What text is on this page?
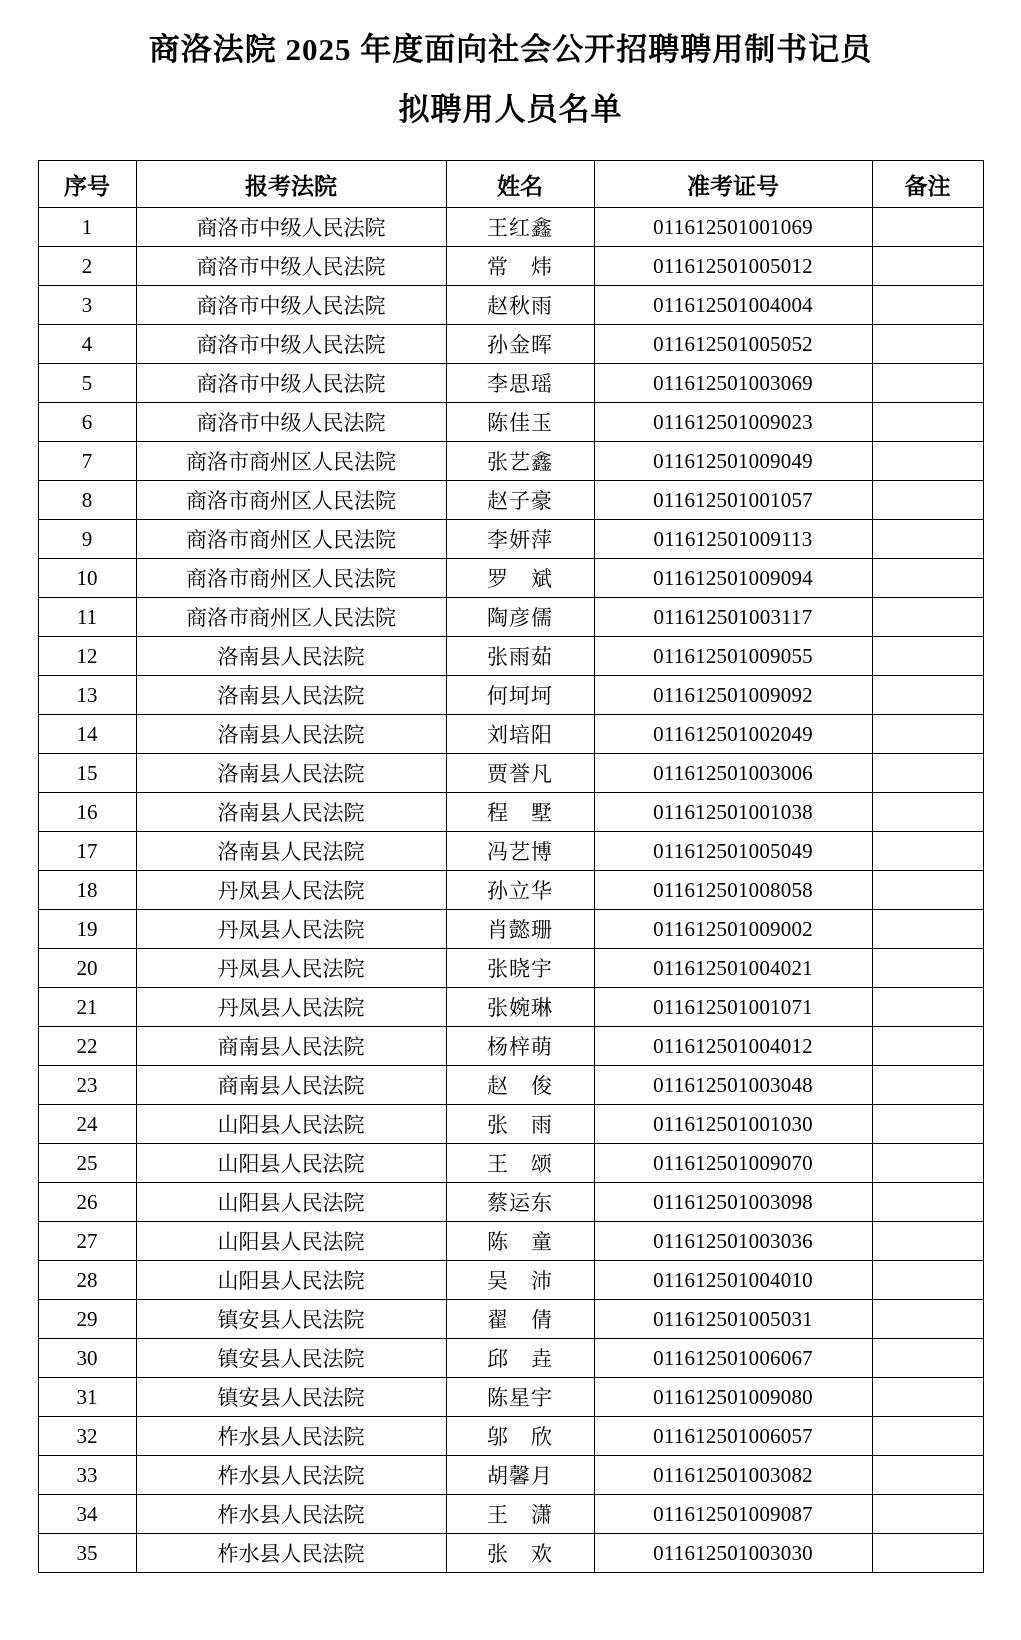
商洛法院 2025 年度面向社会公开招聘聘用制书记员
拟聘用人员名单
序号	报考法院	姓名	准考证号	备注
1	商洛市中级人民法院	王红鑫	011612501001069	
2	商洛市中级人民法院	常　炜	011612501005012	
3	商洛市中级人民法院	赵秋雨	011612501004004	
4	商洛市中级人民法院	孙金晖	011612501005052	
5	商洛市中级人民法院	李思瑶	011612501003069	
6	商洛市中级人民法院	陈佳玉	011612501009023	
7	商洛市商州区人民法院	张艺鑫	011612501009049	
8	商洛市商州区人民法院	赵子豪	011612501001057	
9	商洛市商州区人民法院	李妍萍	011612501009113	
10	商洛市商州区人民法院	罗　斌	011612501009094	
11	商洛市商州区人民法院	陶彦儒	011612501003117	
12	洛南县人民法院	张雨茹	011612501009055	
13	洛南县人民法院	何坷坷	011612501009092	
14	洛南县人民法院	刘培阳	011612501002049	
15	洛南县人民法院	贾誉凡	011612501003006	
16	洛南县人民法院	程　墅	011612501001038	
17	洛南县人民法院	冯艺博	011612501005049	
18	丹凤县人民法院	孙立华	011612501008058	
19	丹凤县人民法院	肖懿珊	011612501009002	
20	丹凤县人民法院	张晓宇	011612501004021	
21	丹凤县人民法院	张婉琳	011612501001071	
22	商南县人民法院	杨梓萌	011612501004012	
23	商南县人民法院	赵　俊	011612501003048	
24	山阳县人民法院	张　雨	011612501001030	
25	山阳县人民法院	王　颂	011612501009070	
26	山阳县人民法院	蔡运东	011612501003098	
27	山阳县人民法院	陈　童	011612501003036	
28	山阳县人民法院	吴　沛	011612501004010	
29	镇安县人民法院	翟　倩	011612501005031	
30	镇安县人民法院	邱　垚	011612501006067	
31	镇安县人民法院	陈星宇	011612501009080	
32	柞水县人民法院	邬　欣	011612501006057	
33	柞水县人民法院	胡馨月	011612501003082	
34	柞水县人民法院	王　潇	011612501009087	
35	柞水县人民法院	张　欢	011612501003030	
